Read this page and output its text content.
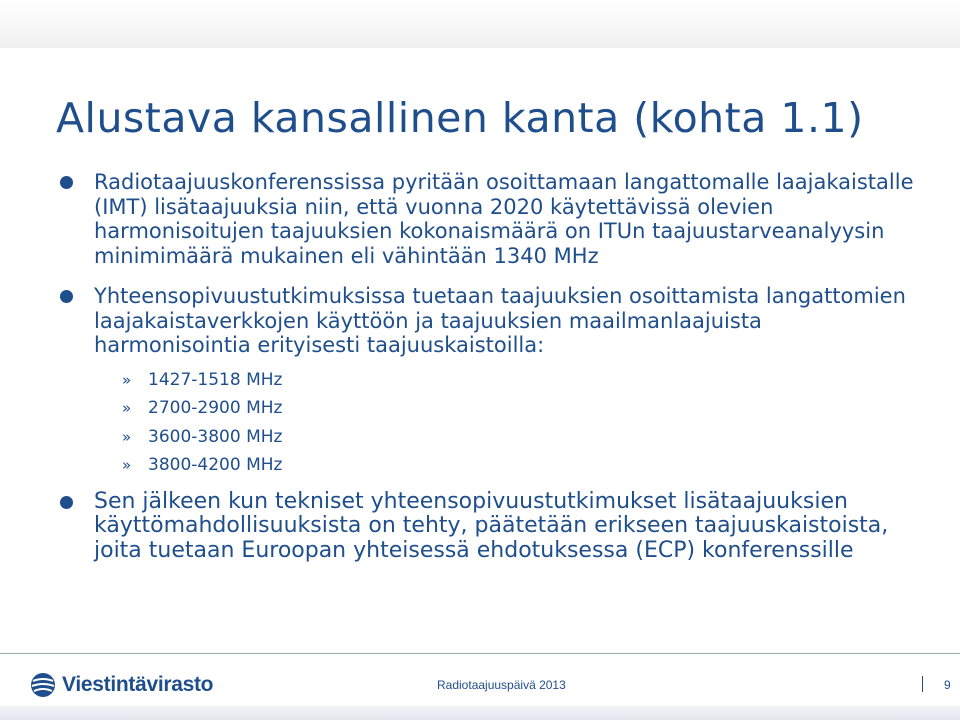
Alustava kansallinen kanta (kohta 1.1)
Radiotaajuuskonferenssissa pyritään osoittamaan langattomalle laajakaistalle (IMT) lisätaajuuksia niin, että vuonna 2020 käytettävissä olevien harmonisoitujen taajuuksien kokonaismäärä on ITUn taajuustarveanalyysin minimimäärä mukainen eli vähintään 1340 MHz
Yhteensopivuustutkimuksissa tuetaan taajuuksien osoittamista langattomien laajakaistaverkkojen käyttöön ja taajuuksien maailmanlaajuista harmonisointia erityisesti taajuuskaistoilla:
» 1427-1518 MHz
» 2700-2900 MHz
» 3600-3800 MHz
» 3800-4200 MHz
Sen jälkeen kun tekniset yhteensopivuustutkimukset lisätaajuuksien käyttömahdollisuuksista on tehty, päätetään erikseen taajuuskaistoista, joita tuetaan Euroopan yhteisessä ehdotuksessa (ECP) konferenssille
Viestintävirasto	Radiotaajuuspäivä 2013	9
